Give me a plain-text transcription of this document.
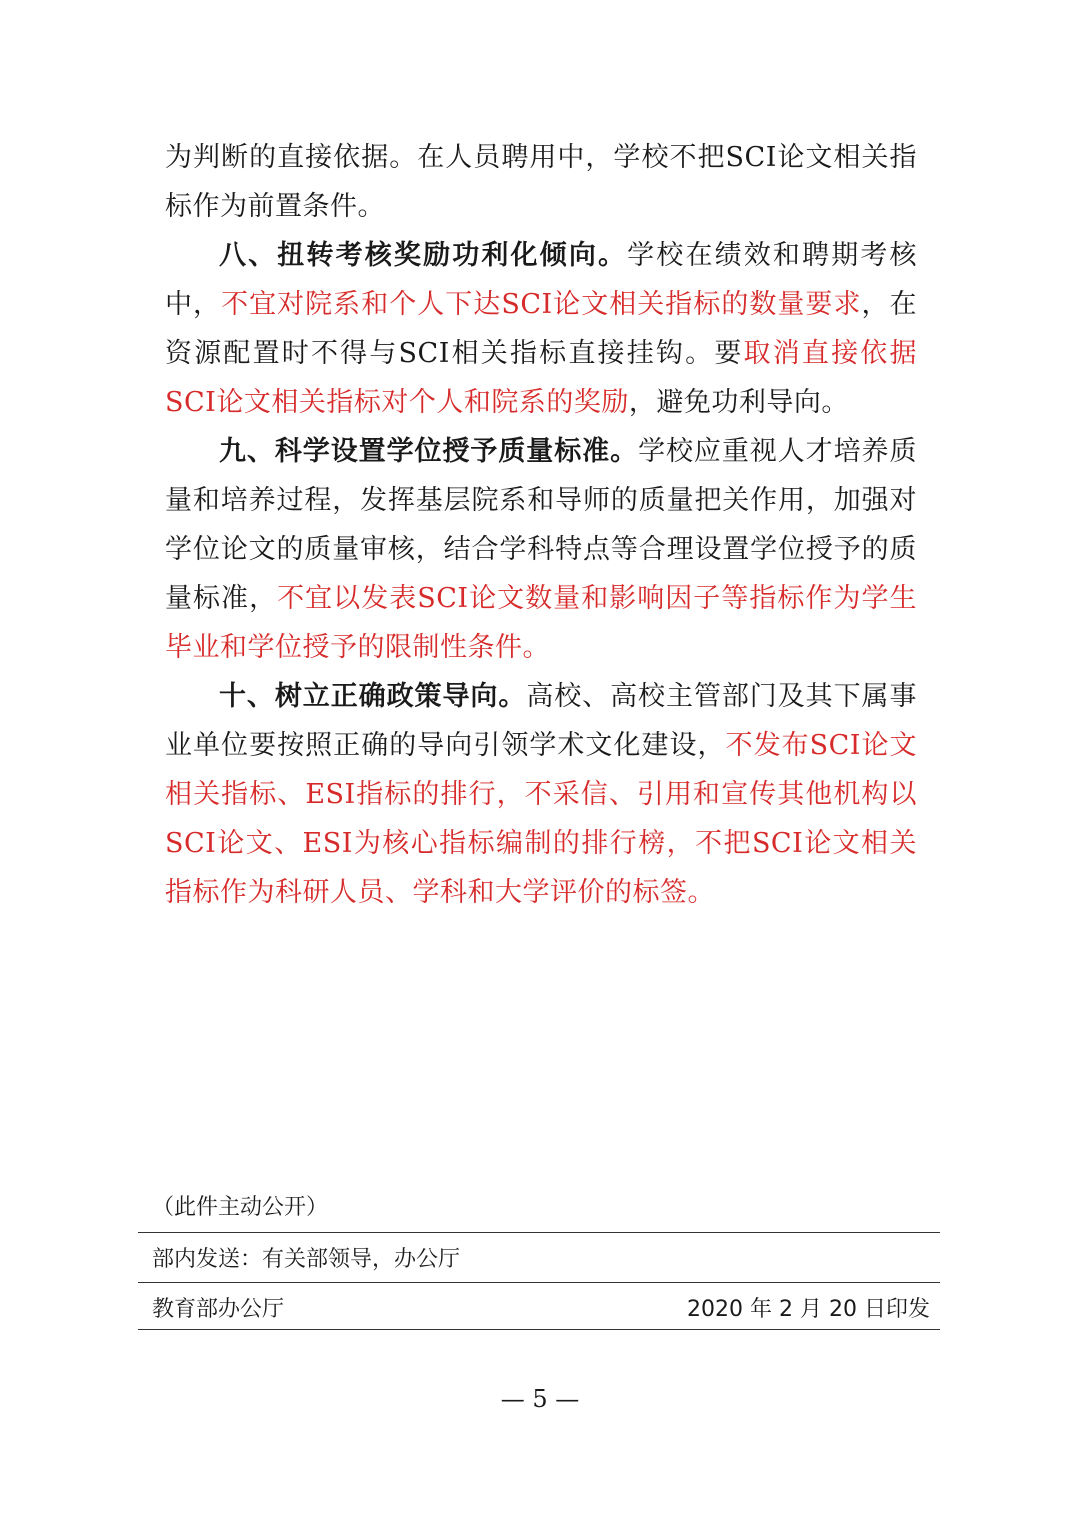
为判断的直接依据。在人员聘用中，学校不把SCI论文相关指标作为前置条件。

八、扭转考核奖励功利化倾向。学校在绩效和聘期考核中，不宜对院系和个人下达SCI论文相关指标的数量要求，在资源配置时不得与SCI相关指标直接挂钩。要取消直接依据SCI论文相关指标对个人和院系的奖励，避免功利导向。

九、科学设置学位授予质量标准。学校应重视人才培养质量和培养过程，发挥基层院系和导师的质量把关作用，加强对学位论文的质量审核，结合学科特点等合理设置学位授予的质量标准，不宜以发表SCI论文数量和影响因子等指标作为学生毕业和学位授予的限制性条件。

十、树立正确政策导向。高校、高校主管部门及其下属事业单位要按照正确的导向引领学术文化建设，不发布SCI论文相关指标、ESI指标的排行，不采信、引用和宣传其他机构以SCI论文、ESI为核心指标编制的排行榜，不把SCI论文相关指标作为科研人员、学科和大学评价的标签。

（此件主动公开）
部内发送：有关部领导，办公厅
教育部办公厅	2020 年 2 月 20 日印发
— 5 —
